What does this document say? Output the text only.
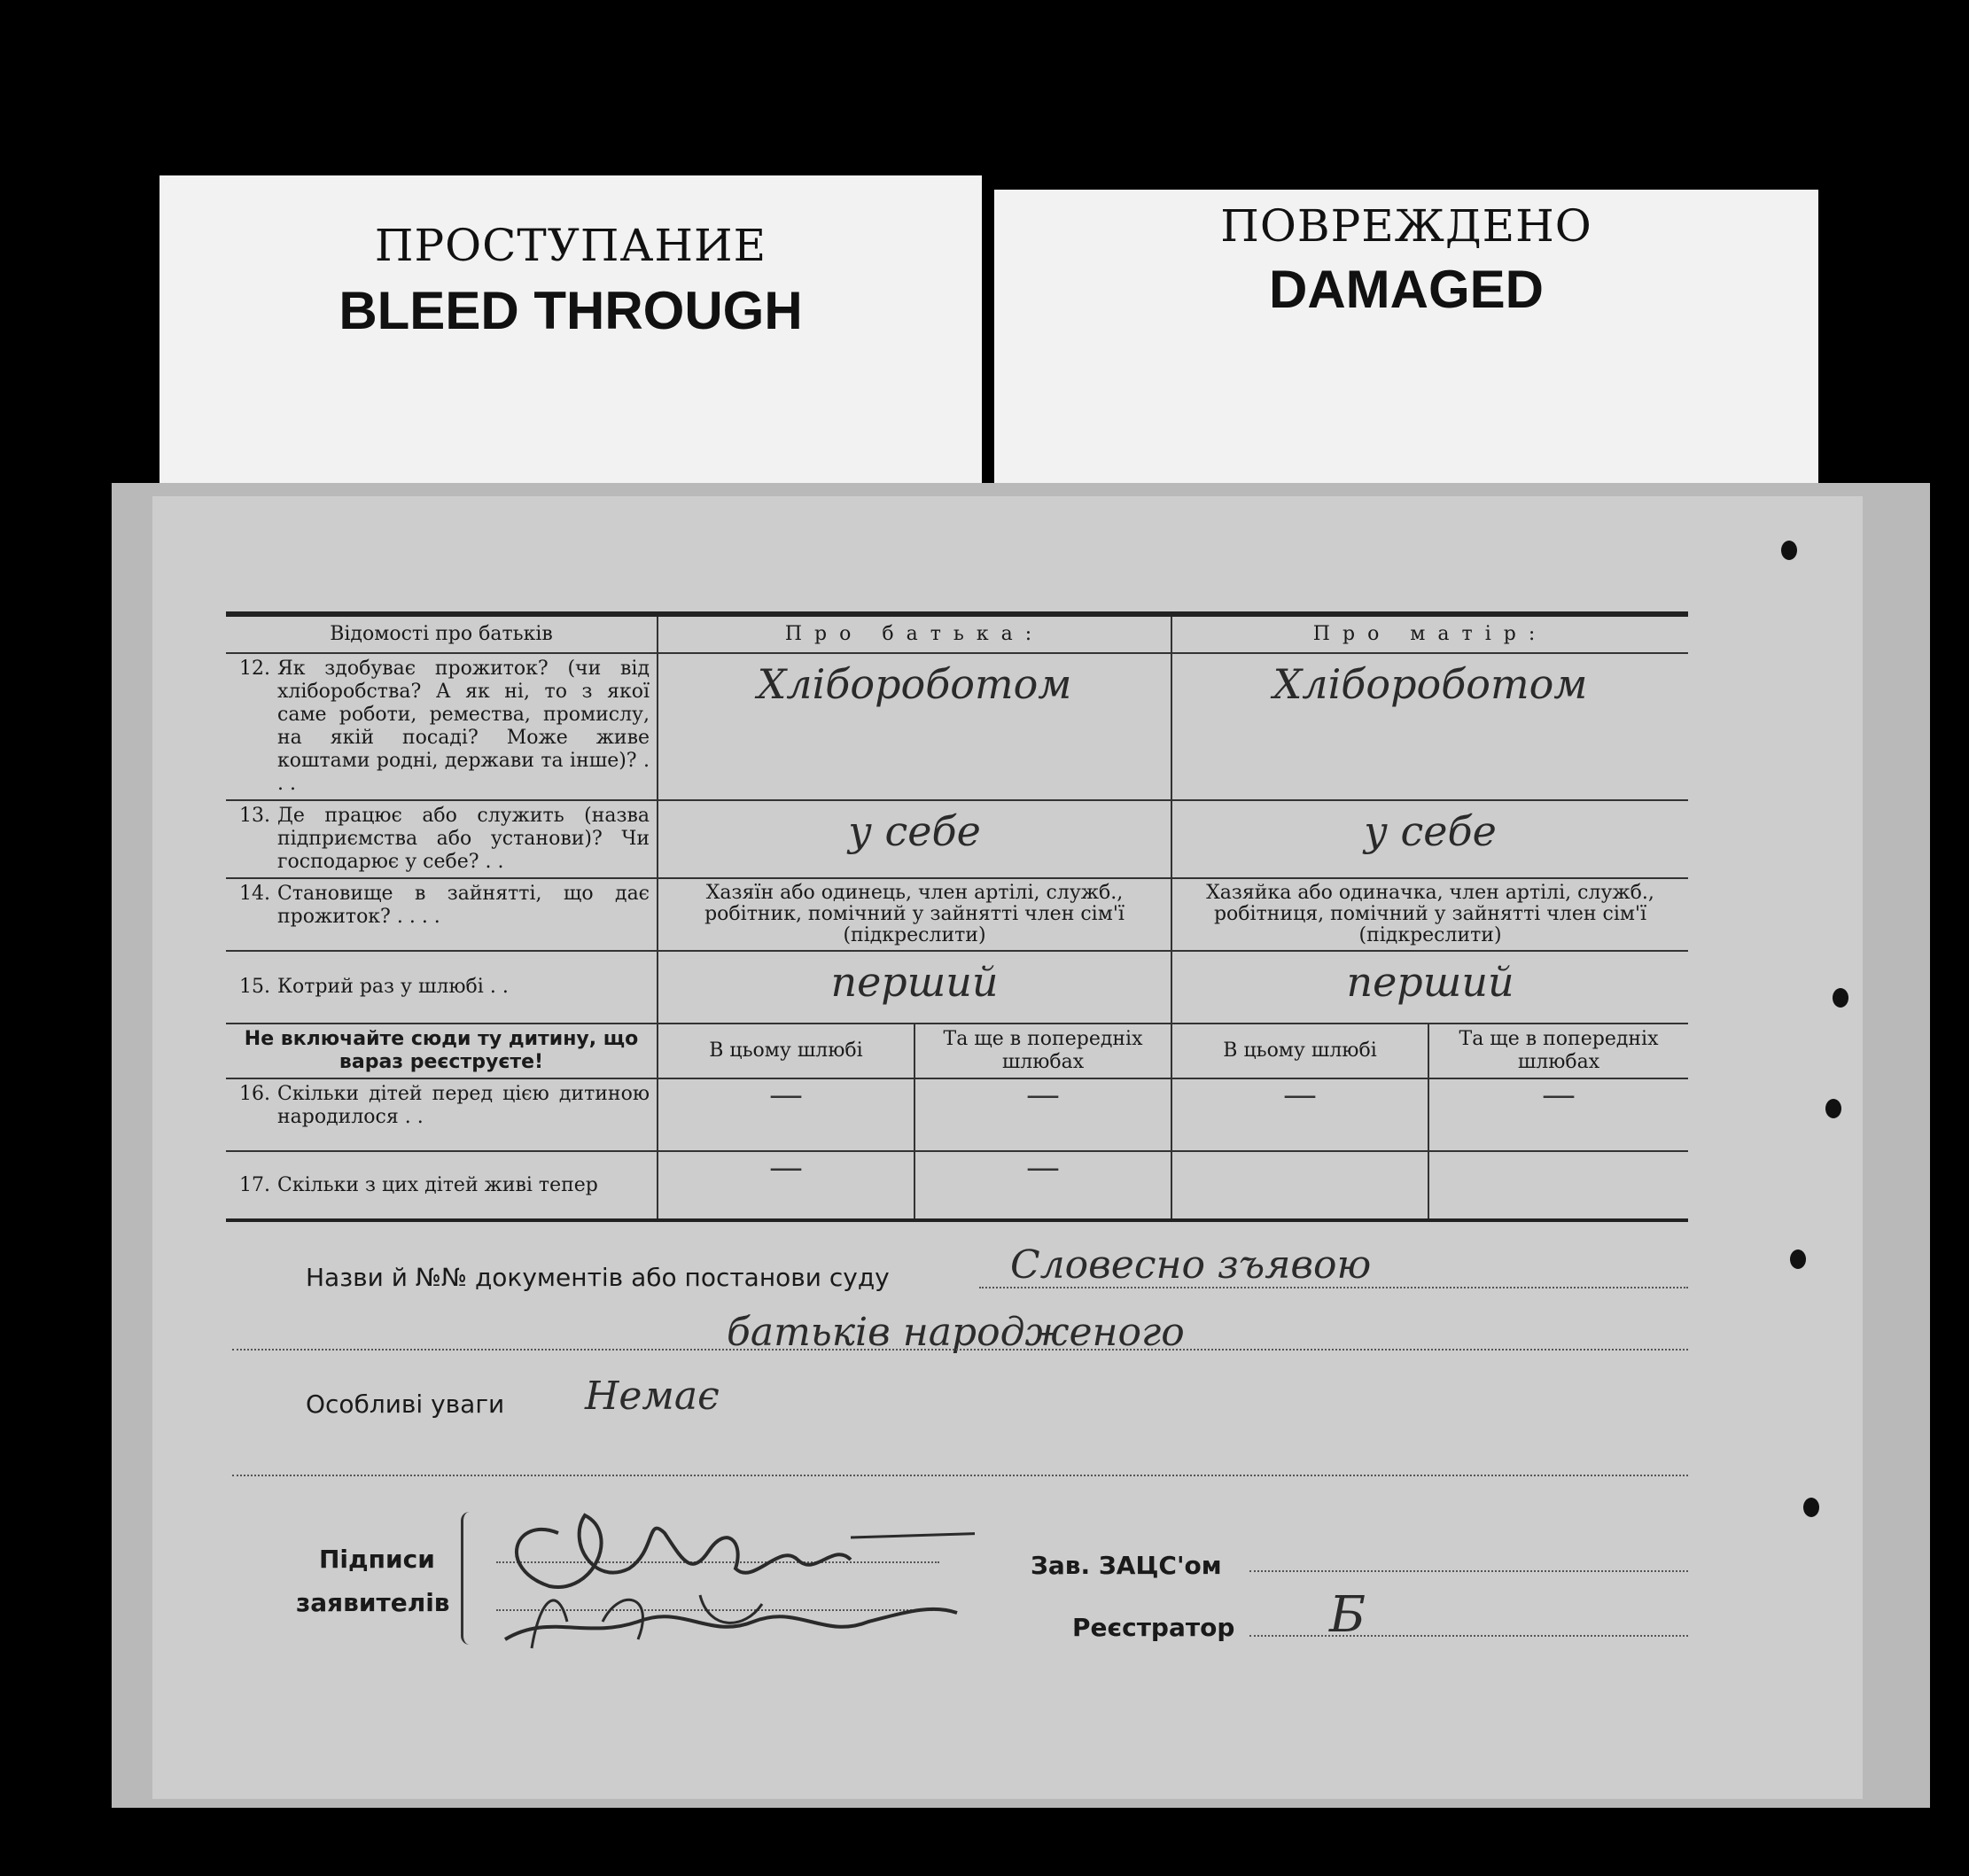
ПРОСТУПАНИЕ
BLEED THROUGH
ПОВРЕЖДЕНО
DAMAGED
Відомості про батьків	Про батька:		Про матір:	

12. Як здобуває прожиток? (чи від хліборобства? А як ні, то з якої саме роботи, ремества, промислу, на якій посаді? Може живе коштами родні, держави та інше)? . . .	Хлібороботом		Хлібороботом	

13. Де працює або служить (назва підприємства або установи)? Чи господарює у себе? . .	у себе		у себе	

14. Становище в зайнятті, що дає прожиток? . . . .	Хазяїн або одинець, член артілі, служб., робітник, помічний у зайнятті член сім'ї (підкреслити)		Хазяйка або одиначка, член артілі, служб., робітниця, помічний у зайнятті член сім'ї (підкреслити)	

15. Котрий раз у шлюбі . .	перший		перший	
Не включайте сюди ту дитину, що вараз реєструєте!	В цьому шлюбі	Та ще в попередніх шлюбах	В цьому шлюбі	Та ще в попередніх шлюбах

16. Скільки дітей перед цією дитиною народилося . .	—	—	—	—

17. Скільки з цих дітей живі тепер	—	—		
Назви й №№ документів або постанови суду	Словесно зъявою
батьків народженого
Особливі уваги Немає
Підписи
заявителів
Зав. ЗАЦС'ом
Реєстратор Б
